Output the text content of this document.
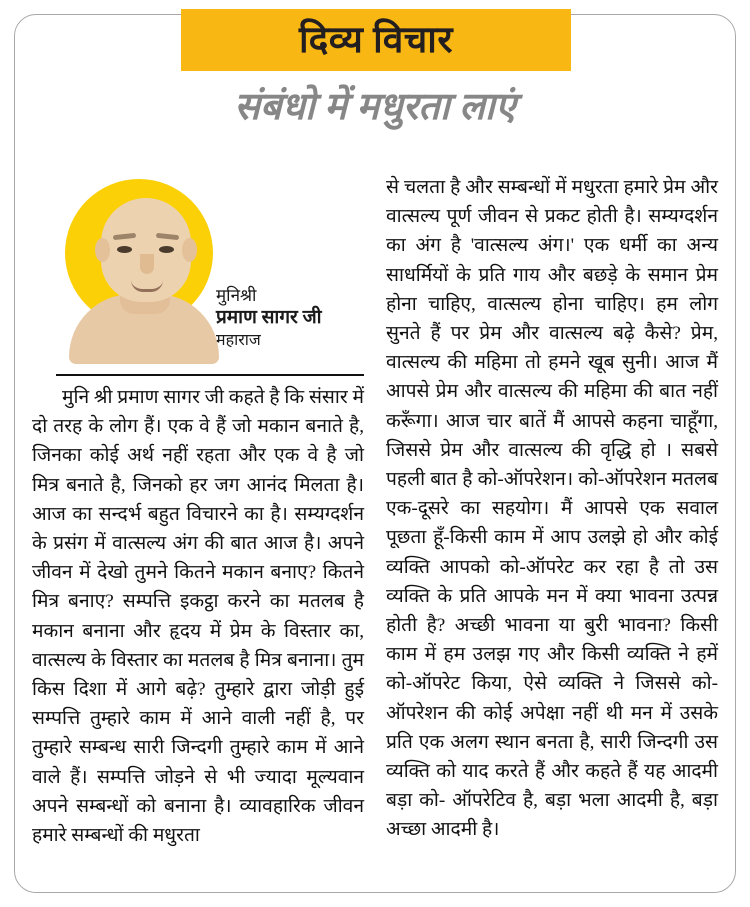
दिव्य विचार
संबंधो में मधुरता लाएं
मुनिश्री
प्रमाण सागर जी
महाराज

मुनि श्री प्रमाण सागर जी कहते है कि संसार में दो तरह के लोग हैं। एक वे हैं जो मकान बनाते है, जिनका कोई अर्थ नहीं रहता और एक वे है जो मित्र बनाते है, जिनको हर जग आनंद मिलता है। आज का सन्दर्भ बहुत विचारने का है। सम्यग्दर्शन के प्रसंग में वात्सल्य अंग की बात आज है। अपने जीवन में देखो तुमने कितने मकान बनाए? कितने मित्र बनाए? सम्पत्ति इकट्ठा करने का मतलब है मकान बनाना और हृदय में प्रेम के विस्तार का, वात्सल्य के विस्तार का मतलब है मित्र बनाना। तुम किस दिशा में आगे बढ़े? तुम्हारे द्वारा जोड़ी हुई सम्पत्ति तुम्हारे काम में आने वाली नहीं है, पर तुम्हारे सम्बन्ध सारी जिन्दगी तुम्हारे काम में आने वाले हैं। सम्पत्ति जोड़ने से भी ज्यादा मूल्यवान अपने सम्बन्धों को बनाना है। व्यावहारिक जीवन हमारे सम्बन्धों की मधुरता

से चलता है और सम्बन्धों में मधुरता हमारे प्रेम और वात्सल्य पूर्ण जीवन से प्रकट होती है। सम्यग्दर्शन का अंग है 'वात्सल्य अंग।' एक धर्मी का अन्य साधर्मियों के प्रति गाय और बछड़े के समान प्रेम होना चाहिए, वात्सल्य होना चाहिए। हम लोग सुनते हैं पर प्रेम और वात्सल्य बढ़े कैसे? प्रेम, वात्सल्य की महिमा तो हमने खूब सुनी। आज मैं आपसे प्रेम और वात्सल्य की महिमा की बात नहीं करूँगा। आज चार बातें मैं आपसे कहना चाहूँगा, जिससे प्रेम और वात्सल्य की वृद्धि हो । सबसे पहली बात है को-ऑपरेशन। को-ऑपरेशन मतलब एक-दूसरे का सहयोग। मैं आपसे एक सवाल पूछता हूँ-किसी काम में आप उलझे हो और कोई व्यक्ति आपको को-ऑपरेट कर रहा है तो उस व्यक्ति के प्रति आपके मन में क्या भावना उत्पन्न होती है? अच्छी भावना या बुरी भावना? किसी काम में हम उलझ गए और किसी व्यक्ति ने हमें को-ऑपरेट किया, ऐसे व्यक्ति ने जिससे को-ऑपरेशन की कोई अपेक्षा नहीं थी मन में उसके प्रति एक अलग स्थान बनता है, सारी जिन्दगी उस व्यक्ति को याद करते हैं और कहते हैं यह आदमी बड़ा को- ऑपरेटिव है, बड़ा भला आदमी है, बड़ा अच्छा आदमी है।
